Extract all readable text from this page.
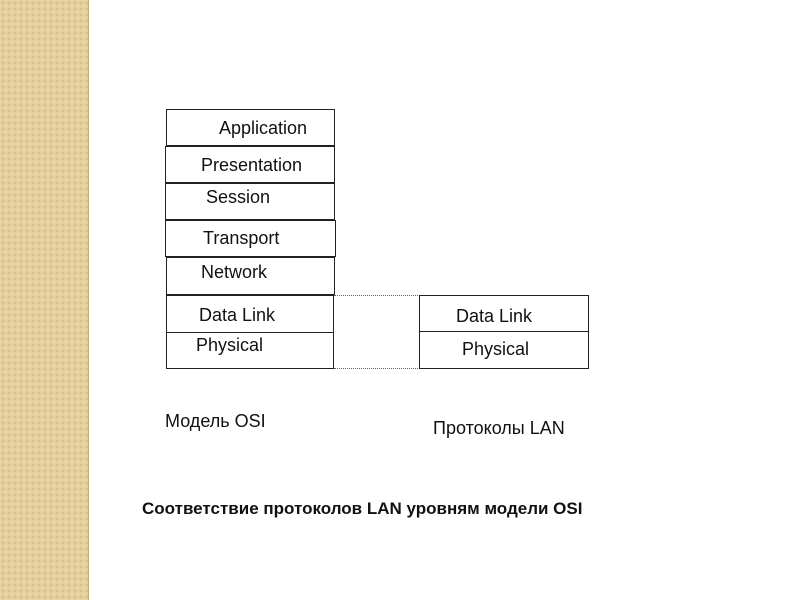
Application
Presentation
Session
Transport
Network
Data Link
Physical
Data Link
Physical
Модель OSI	Протоколы LAN
Соответствие протоколов LAN уровням модели OSI
